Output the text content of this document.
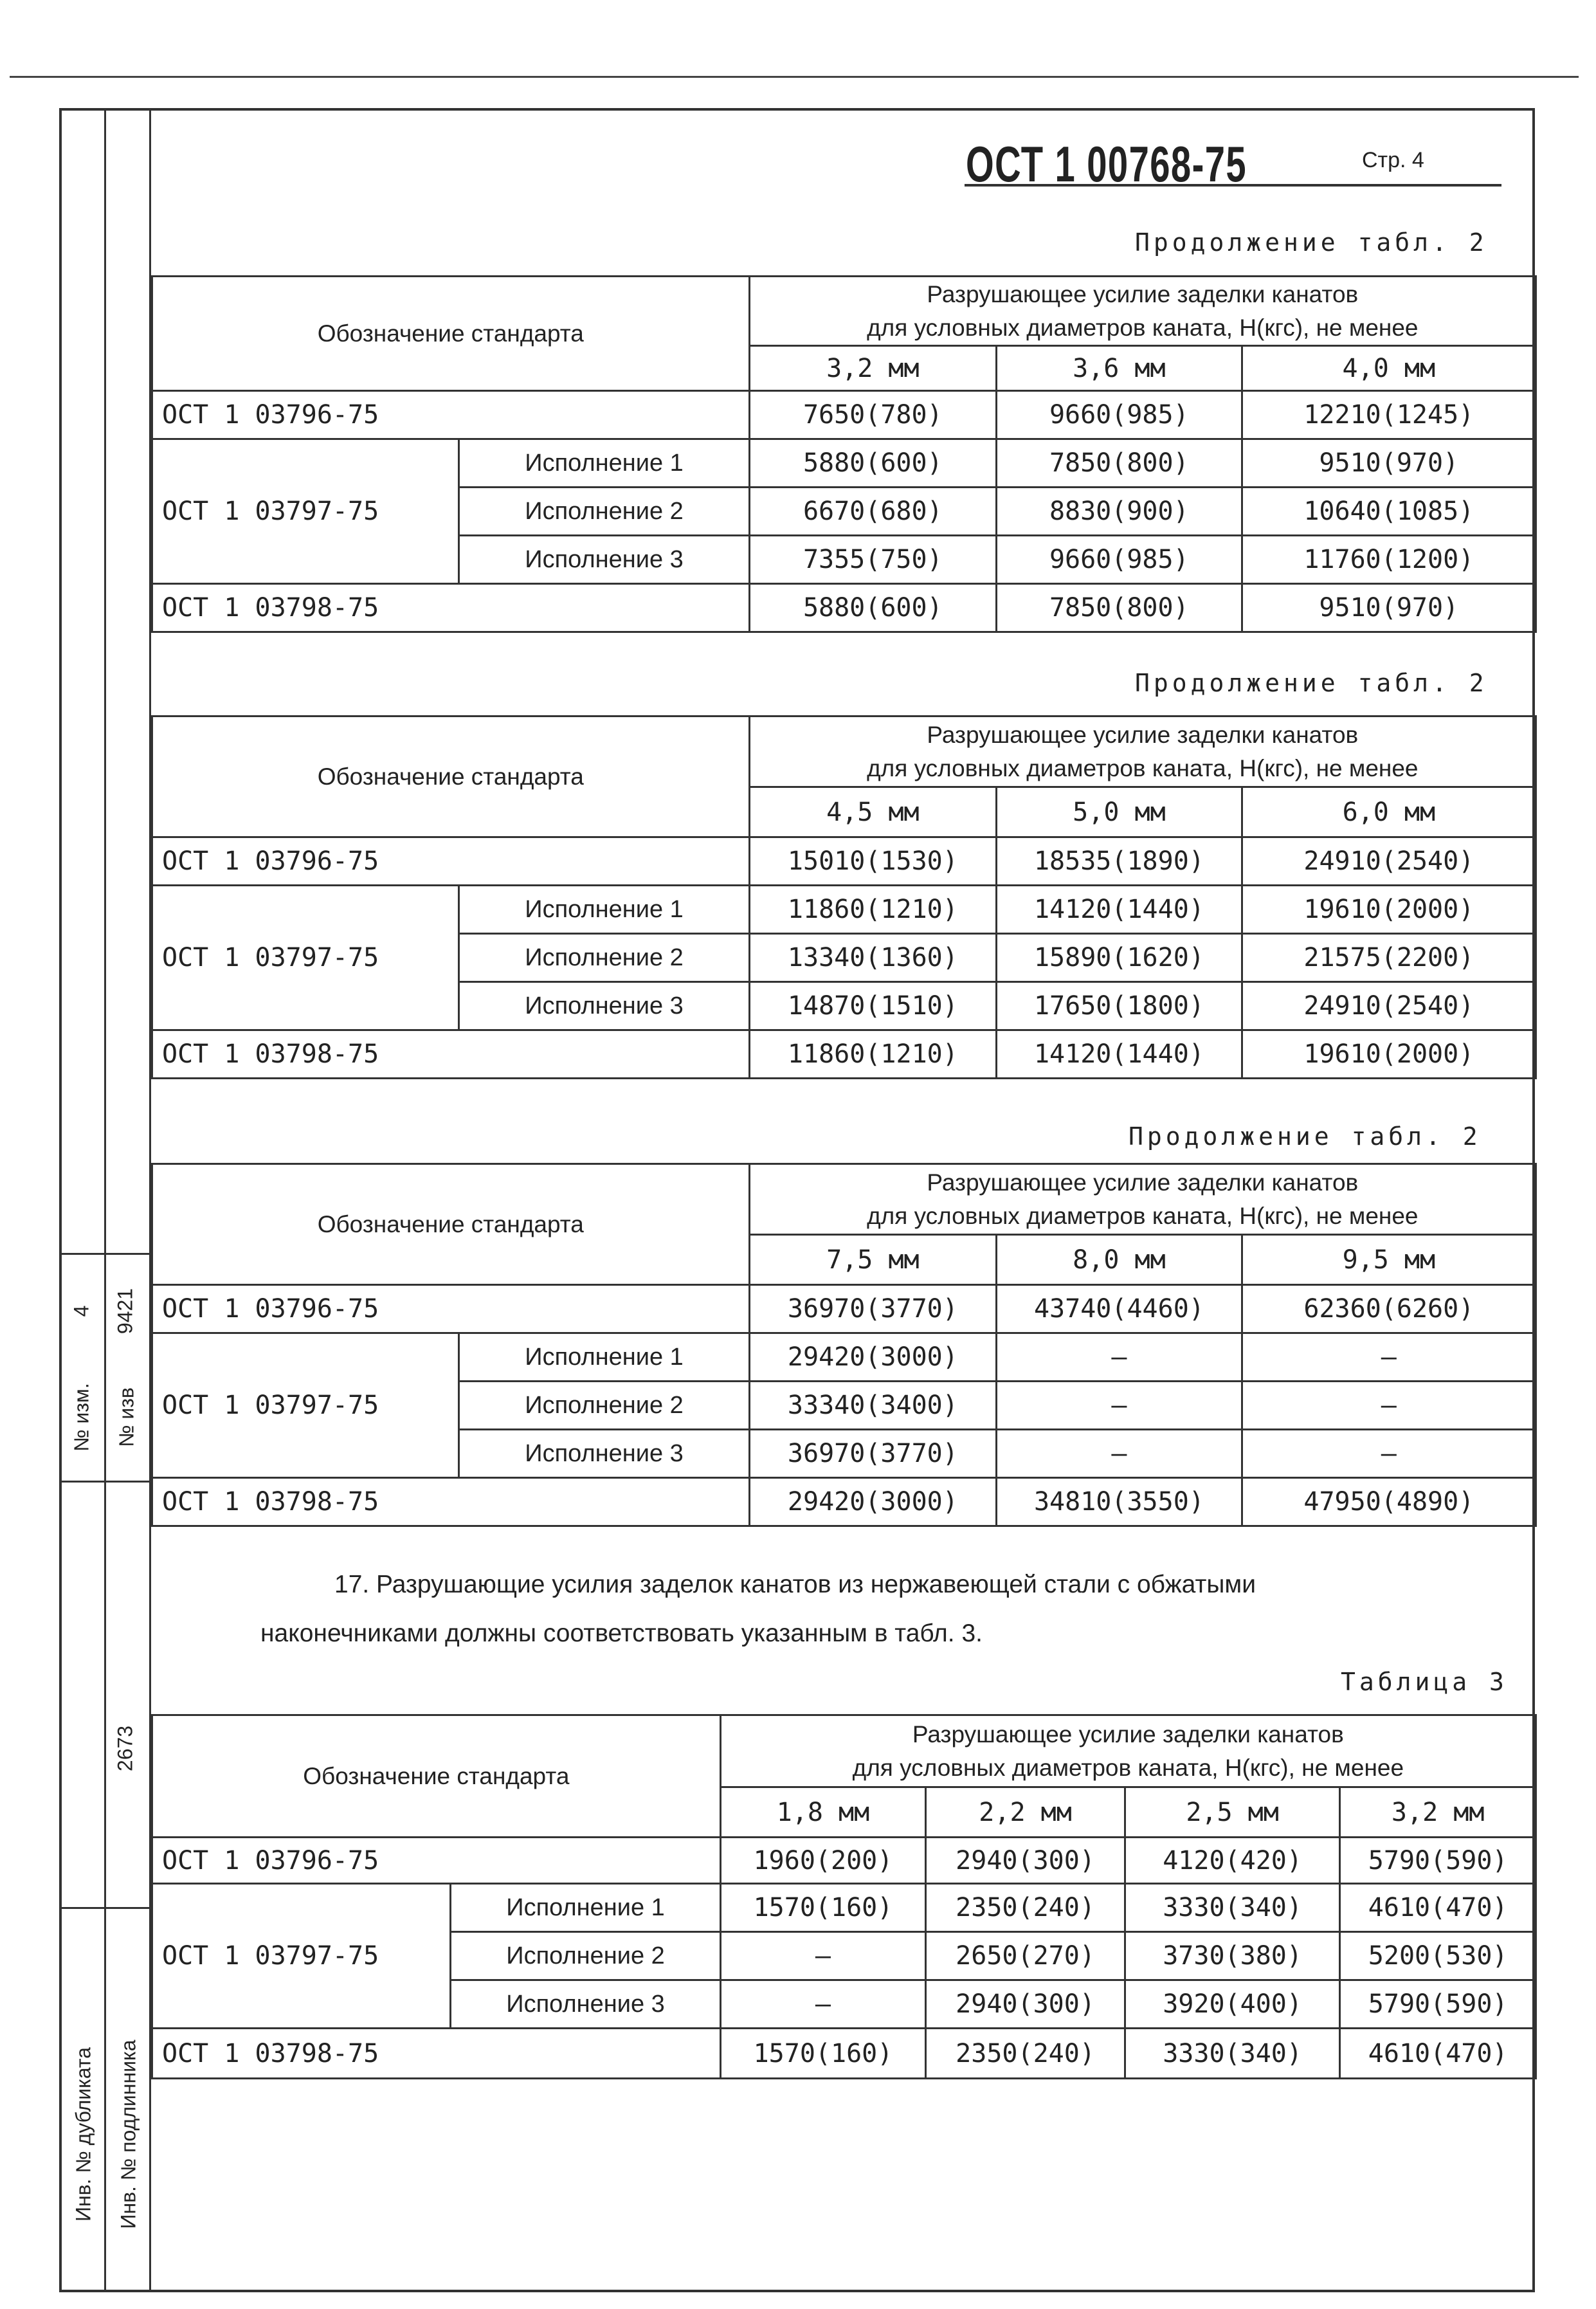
4 9421
№ изм. № изв
2673
Инв. № дубликата Инв. № подлинника
ОСТ 1 00768-75	Стр. 4
Продолжение табл. 2
Обозначение стандарта		Разрушающее усилие заделки канатов
для условных диаметров каната, Н(кгс), не менее		
		3,2 мм	3,6 мм	4,0 мм
ОСТ 1 03796-75		7650(780)	9660(985)	12210(1245)
ОСТ 1 03797-75	Исполнение 1	5880(600)	7850(800)	9510(970)
	Исполнение 2	6670(680)	8830(900)	10640(1085)
	Исполнение 3	7355(750)	9660(985)	11760(1200)
ОСТ 1 03798-75		5880(600)	7850(800)	9510(970)
Продолжение табл. 2
Обозначение стандарта		Разрушающее усилие заделки канатов
для условных диаметров каната, Н(кгс), не менее		
		4,5 мм	5,0 мм	6,0 мм
ОСТ 1 03796-75		15010(1530)	18535(1890)	24910(2540)
ОСТ 1 03797-75	Исполнение 1	11860(1210)	14120(1440)	19610(2000)
	Исполнение 2	13340(1360)	15890(1620)	21575(2200)
	Исполнение 3	14870(1510)	17650(1800)	24910(2540)
ОСТ 1 03798-75		11860(1210)	14120(1440)	19610(2000)
Продолжение табл. 2
Обозначение стандарта		Разрушающее усилие заделки канатов
для условных диаметров каната, Н(кгс), не менее		
		7,5 мм	8,0 мм	9,5 мм
ОСТ 1 03796-75		36970(3770)	43740(4460)	62360(6260)
ОСТ 1 03797-75	Исполнение 1	29420(3000)	–	–
	Исполнение 2	33340(3400)	–	–
	Исполнение 3	36970(3770)	–	–
ОСТ 1 03798-75		29420(3000)	34810(3550)	47950(4890)
17. Разрушающие усилия заделок канатов из нержавеющей стали с обжатыми
наконечниками должны соответствовать указанным в табл. 3.
Таблица 3
Обозначение стандарта		Разрушающее усилие заделки канатов
для условных диаметров каната, Н(кгс), не менее			
		1,8 мм	2,2 мм	2,5 мм	3,2 мм
ОСТ 1 03796-75		1960(200)	2940(300)	4120(420)	5790(590)
ОСТ 1 03797-75	Исполнение 1	1570(160)	2350(240)	3330(340)	4610(470)
	Исполнение 2	–	2650(270)	3730(380)	5200(530)
	Исполнение 3	–	2940(300)	3920(400)	5790(590)
ОСТ 1 03798-75		1570(160)	2350(240)	3330(340)	4610(470)
